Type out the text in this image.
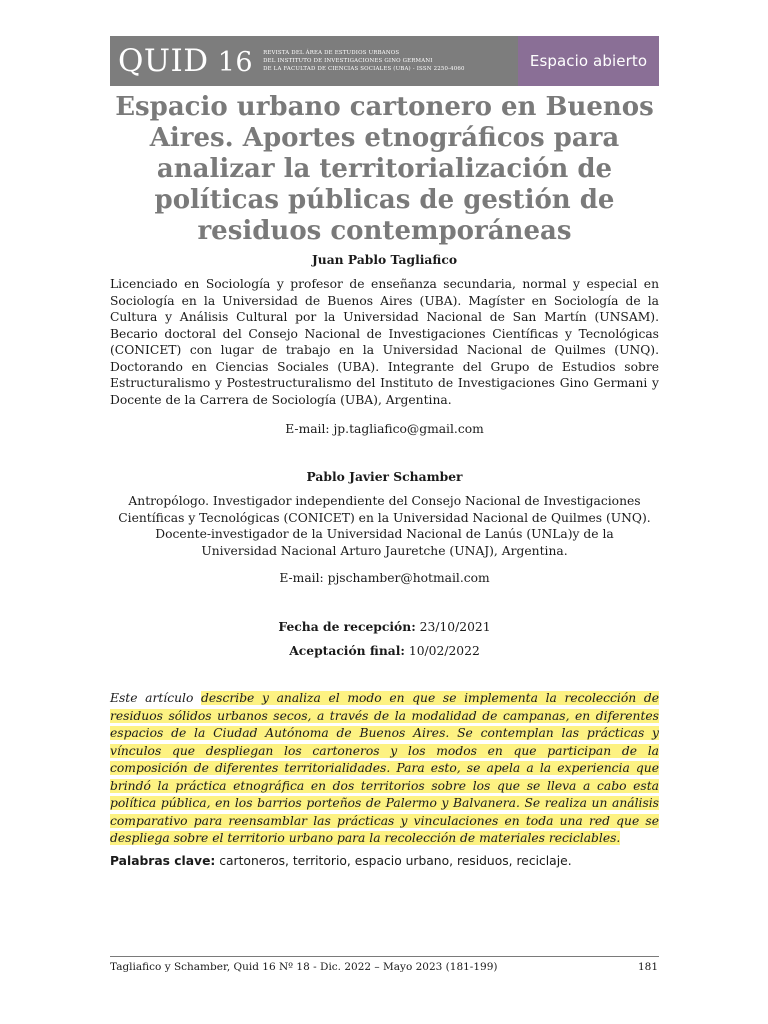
QUID 16 REVISTA DEL ÁREA DE ESTUDIOS URBANOS
DEL INSTITUTO DE INVESTIGACIONES GINO GERMANI
DE LA FACULTAD DE CIENCIAS SOCIALES (UBA) - ISSN 2250-4060	Espacio abierto
Espacio urbano cartonero en Buenos Aires. Aportes etnográficos para analizar la territorialización de políticas públicas de gestión de residuos contemporáneas
Juan Pablo Tagliafico
Licenciado en Sociología y profesor de enseñanza secundaria, normal y especial en Sociología en la Universidad de Buenos Aires (UBA). Magíster en Sociología de la Cultura y Análisis Cultural por la Universidad Nacional de San Martín (UNSAM). Becario doctoral del Consejo Nacional de Investigaciones Científicas y Tecnológicas (CONICET) con lugar de trabajo en la Universidad Nacional de Quilmes (UNQ). Doctorando en Ciencias Sociales (UBA). Integrante del Grupo de Estudios sobre Estructuralismo y Postestructuralismo del Instituto de Investigaciones Gino Germani y Docente de la Carrera de Sociología (UBA), Argentina.
E-mail: jp.tagliafico@gmail.com
Pablo Javier Schamber
Antropólogo. Investigador independiente del Consejo Nacional de Investigaciones Científicas y Tecnológicas (CONICET) en la Universidad Nacional de Quilmes (UNQ). Docente-investigador de la Universidad Nacional de Lanús (UNLa)y de la Universidad Nacional Arturo Jauretche (UNAJ), Argentina.
E-mail: pjschamber@hotmail.com
Fecha de recepción: 23/10/2021
Aceptación final: 10/02/2022

Este artículo describe y analiza el modo en que se implementa la recolección de residuos sólidos urbanos secos, a través de la modalidad de campanas, en diferentes espacios de la Ciudad Autónoma de Buenos Aires. Se contemplan las prácticas y vínculos que despliegan los cartoneros y los modos en que participan de la composición de diferentes territorialidades. Para esto, se apela a la experiencia que brindó la práctica etnográfica en dos territorios sobre los que se lleva a cabo esta política pública, en los barrios porteños de Palermo y Balvanera. Se realiza un análisis comparativo para reensamblar las prácticas y vinculaciones en toda una red que se despliega sobre el territorio urbano para la recolección de materiales reciclables.

Palabras clave: cartoneros, territorio, espacio urbano, residuos, reciclaje.
Tagliafico y Schamber, Quid 16 Nº 18 - Dic. 2022 – Mayo 2023 (181-199)	181
